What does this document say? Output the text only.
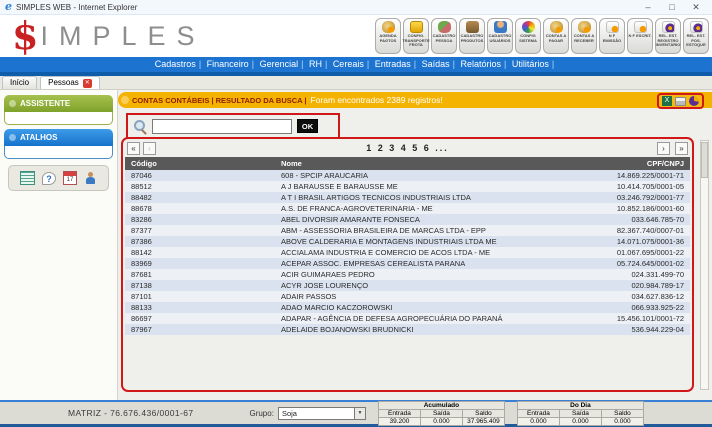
e SIMPLES WEB - Internet Explorer	–	□	✕
$IMPLES	AGENDA PAGTOS
CONFIG. TRANSPORTE FROTA
CADASTRO PESSOA
CADASTRO PRODUTOS
CADASTRO USUÁRIOS
CONFIG SISTEMA
CONTAS A PAGAR
CONTAS A RECEBER
N F EMISSÃO
N F ESCRIT.	REL. EST. REGISTRO INVENTÁRIO
REL. EST. POS. ESTOQUE
Cadastros | Financeiro | Gerencial | RH | Cereais | Entradas | Saídas | Relatórios | Utilitários |
Início Pessoas ✕
ASSISTENTE
ATALHOS
?	17
CONTAS CONTÁBEIS | RESULTADO DA BUSCA | Foram encontrados 2389 registros!	X
OK
«	‹	1 2 3 4 5 6 ...	›	»
Código	Nome	CPF/CNPJ
87046	608 - SPCIP ARAUCARIA	14.869.225/0001-71
88512	A J BARAUSSE E BARAUSSE ME	10.414.705/0001-05
88482	A T I BRASIL ARTIGOS TECNICOS INDUSTRIAIS LTDA	03.246.792/0001-77
88678	A.S. DE FRANCA-AGROVETERINARIA - ME	10.852.186/0001-60
83286	ABEL DIVORSIR AMARANTE FONSECA	033.646.785-70
87377	ABM - ASSESSORIA BRASILEIRA DE MARCAS LTDA - EPP	82.367.740/0007-01
87386	ABOVE CALDERARIA E MONTAGENS INDUSTRIAIS LTDA ME	14.071.075/0001-36
88142	ACCIALAMA INDUSTRIA E COMERCIO DE ACOS LTDA - ME	01.067.695/0001-22
83969	ACEPAR ASSOC. EMPRESAS CEREALISTA PARANA	05.724.645/0001-02
87681	ACIR GUIMARAES PEDRO	024.331.499-70
87138	ACYR JOSE LOURENÇO	020.984.789-17
87101	ADAIR PASSOS	034.627.836-12
88133	ADAO MARCIO KACZOROWSKI	066.933.925-22
86697	ADAPAR - AGÊNCIA DE DEFESA AGROPECUÁRIA DO PARANÁ	15.456.101/0001-72
87967	ADELAIDE BOJANOWSKI BRUDNICKI	536.944.229-04
MATRIZ - 76.676.436/0001-67	Grupo:	Soja	▼
Acumulado		
Entrada	Saída	Saldo
39.200	0.000	37.965.409
Do Dia		
Entrada	Saída	Saldo
0.000	0.000	0.000
